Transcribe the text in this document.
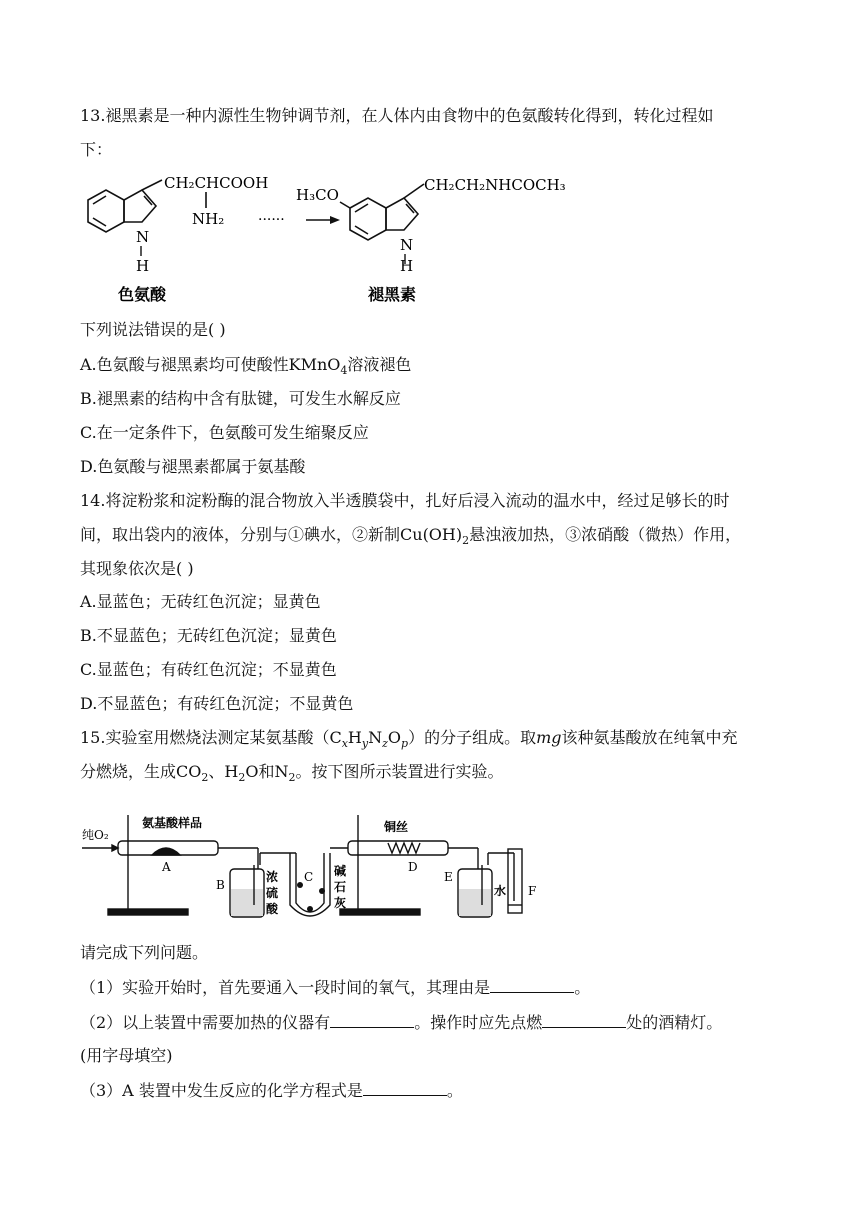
13.褪黑素是一种内源性生物钟调节剂，在人体内由食物中的色氨酸转化得到，转化过程如
下：
CH₂CHCOOH
NH₂
N
H
色氨酸
······
H₃CO
CH₂CH₂NHCOCH₃
N
H
褪黑素
下列说法错误的是( )
A.色氨酸与褪黑素均可使酸性KMnO$_4$溶液褪色
B.褪黑素的结构中含有肽键，可发生水解反应
C.在一定条件下，色氨酸可发生缩聚反应
D.色氨酸与褪黑素都属于氨基酸
14.将淀粉浆和淀粉酶的混合物放入半透膜袋中，扎好后浸入流动的温水中，经过足够长的时
间，取出袋内的液体，分别与①碘水，②新制$Cu(OH)_2$悬浊液加热，③浓硝酸（微热）作用，
其现象依次是( )
A.显蓝色；无砖红色沉淀；显黄色
B.不显蓝色；无砖红色沉淀；显黄色
C.显蓝色；有砖红色沉淀；不显黄色
D.不显蓝色；有砖红色沉淀；不显黄色
15.实验室用燃烧法测定某氨基酸$(C_xH_yN_zO_p)$的分子组成。取mg该种氨基酸放在纯氧中充
分燃烧，生成$CO_2$、$H_2O$和$N_2$。按下图所示装置进行实验。
纯O₂
氨基酸样品
A
B
浓
硫
酸
C 碱
石
灰
铜丝
D
E
水 F
请完成下列问题。
（1）实验开始时，首先要通入一段时间的氧气，其理由是	。
（2）以上装置中需要加热的仪器有	。操作时应先点燃	处的酒精灯。
(用字母填空)
（3）A 装置中发生反应的化学方程式是	。
